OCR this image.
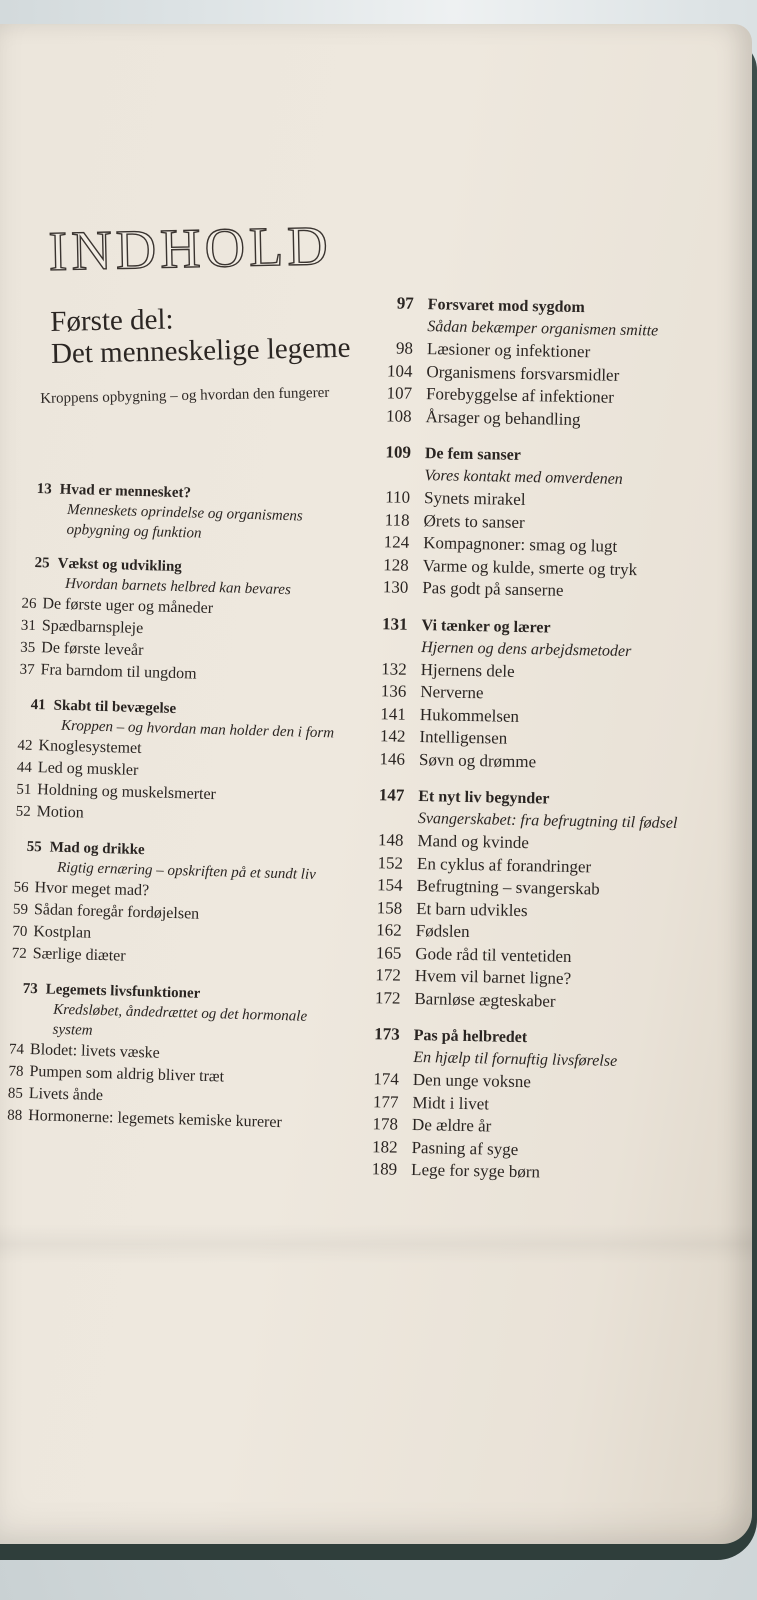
INDHOLD
Første del:
Det menneskelige legeme
Kroppens opbygning – og hvordan den fungerer
13 Hvad er mennesket?
Menneskets oprindelse og organismens opbygning og funktion
25 Vækst og udvikling
Hvordan barnets helbred kan bevares
26 De første uger og måneder
31 Spædbarnspleje
35 De første leveår
37 Fra barndom til ungdom
41 Skabt til bevægelse
Kroppen – og hvordan man holder den i form
42 Knoglesystemet
44 Led og muskler
51 Holdning og muskelsmerter
52 Motion
55 Mad og drikke
Rigtig ernæring – opskriften på et sundt liv
56 Hvor meget mad?
59 Sådan foregår fordøjelsen
70 Kostplan
72 Særlige diæter
73 Legemets livsfunktioner
Kredsløbet, åndedrættet og det hormonale system
74 Blodet: livets væske
78 Pumpen som aldrig bliver træt
85 Livets ånde
88 Hormonerne: legemets kemiske kurerer
97 Forsvaret mod sygdom
Sådan bekæmper organismen smitte
98 Læsioner og infektioner
104 Organismens forsvarsmidler
107 Forebyggelse af infektioner
108 Årsager og behandling
109 De fem sanser
Vores kontakt med omverdenen
110 Synets mirakel
118 Ørets to sanser
124 Kompagnoner: smag og lugt
128 Varme og kulde, smerte og tryk
130 Pas godt på sanserne
131 Vi tænker og lærer
Hjernen og dens arbejdsmetoder
132 Hjernens dele
136 Nerverne
141 Hukommelsen
142 Intelligensen
146 Søvn og drømme
147 Et nyt liv begynder
Svangerskabet: fra befrugtning til fødsel
148 Mand og kvinde
152 En cyklus af forandringer
154 Befrugtning – svangerskab
158 Et barn udvikles
162 Fødslen
165 Gode råd til ventetiden
172 Hvem vil barnet ligne?
172 Barnløse ægteskaber
173 Pas på helbredet
En hjælp til fornuftig livsførelse
174 Den unge voksne
177 Midt i livet
178 De ældre år
182 Pasning af syge
189 Lege for syge børn
